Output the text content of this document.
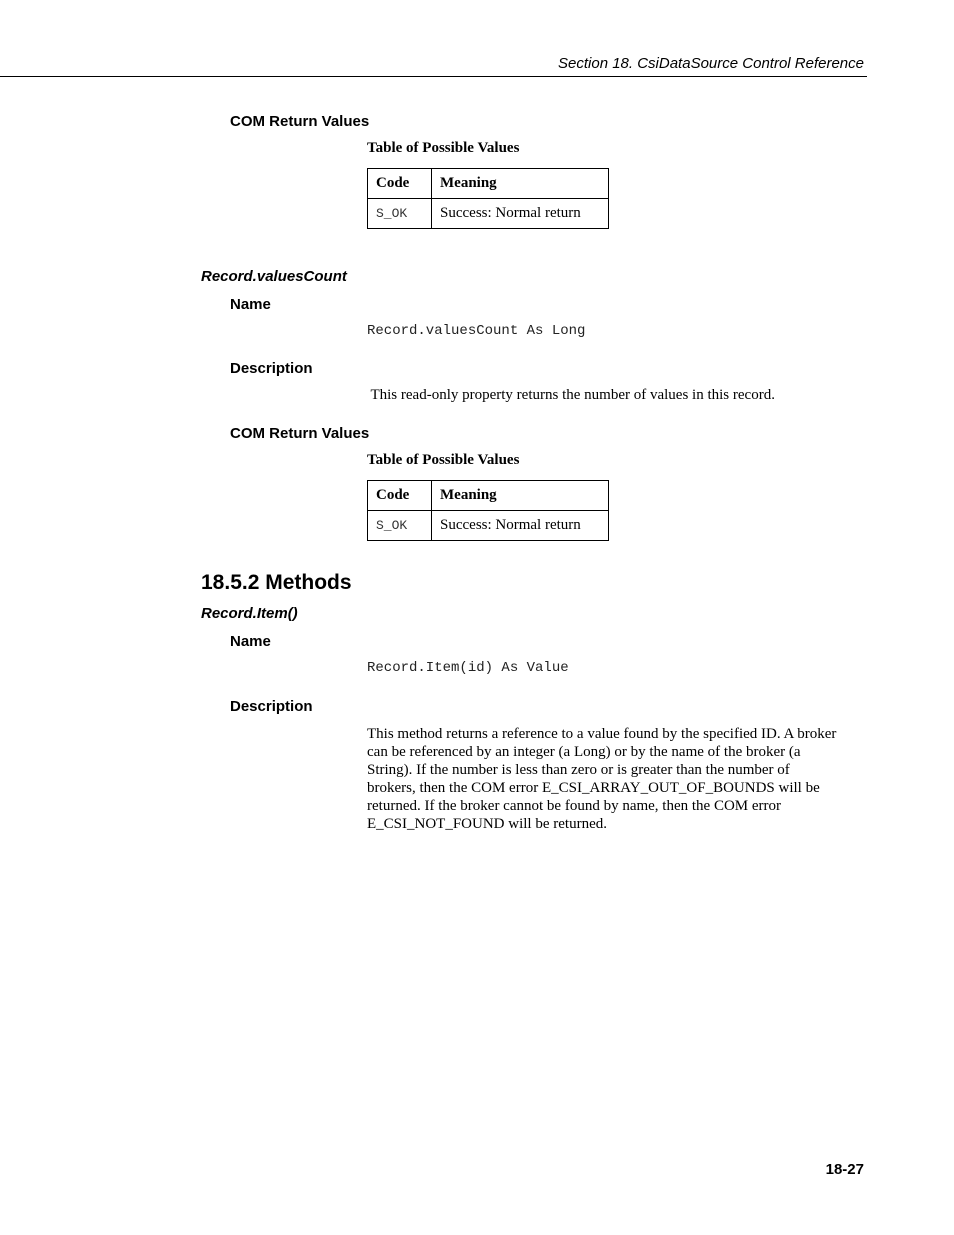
Section 18. CsiDataSource Control Reference
COM Return Values
Table of Possible Values
Code	Meaning
S_OK	Success: Normal return
Record.valuesCount
Name
Record.valuesCount As Long
Description
This read-only property returns the number of values in this record.
COM Return Values
Table of Possible Values
Code	Meaning
S_OK	Success: Normal return
18.5.2 Methods
Record.Item()
Name
Record.Item(id) As Value
Description
This method returns a reference to a value found by the specified ID. A broker
can be referenced by an integer (a Long) or by the name of the broker (a
String). If the number is less than zero or is greater than the number of
brokers, then the COM error E_CSI_ARRAY_OUT_OF_BOUNDS will be
returned. If the broker cannot be found by name, then the COM error
E_CSI_NOT_FOUND will be returned.
18-27
